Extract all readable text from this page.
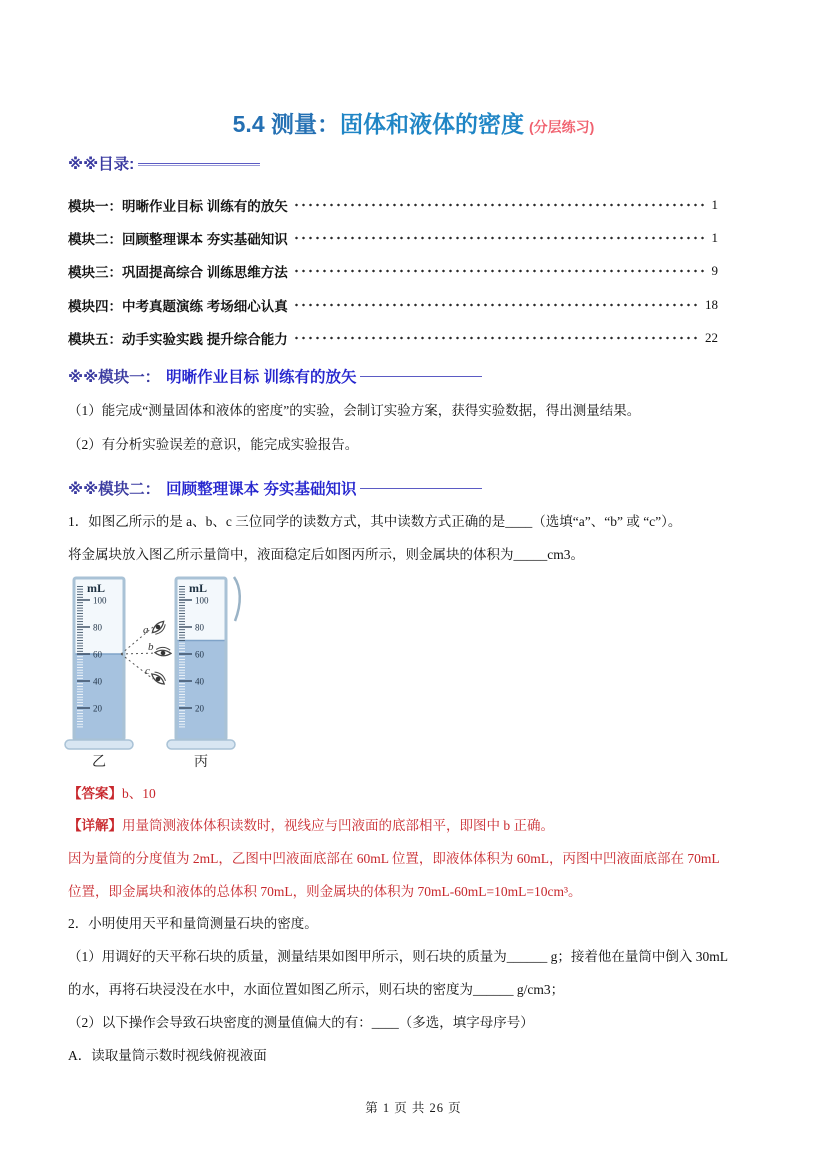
5.4 测量：固体和液体的密度 (分层练习)
※※目录:
模块一：明晰作业目标 训练有的放矢	1
模块二：回顾整理课本 夯实基础知识	1
模块三：巩固提高综合 训练思维方法	9
模块四：中考真题演练 考场细心认真	18
模块五：动手实验实践 提升综合能力	22
※※模块一： 明晰作业目标 训练有的放矢
（1）能完成“测量固体和液体的密度”的实验，会制订实验方案，获得实验数据，得出测量结果。
（2）有分析实验误差的意识，能完成实验报告。
※※模块二： 回顾整理课本 夯实基础知识
1．如图乙所示的是 a、b、c 三位同学的读数方式，其中读数方式正确的是____（选填“a”、“b” 或 “c”）。
将金属块放入图乙所示量筒中，液面稳定后如图丙所示，则金属块的体积为_____cm3。
100
80
60
40
20
mL
乙
100
80
60
40
20
mL
丙
a
b
c
【答案】b、10
【详解】用量筒测液体体积读数时，视线应与凹液面的底部相平，即图中 b 正确。
因为量筒的分度值为 2mL，乙图中凹液面底部在 60mL 位置，即液体体积为 60mL，丙图中凹液面底部在 70mL
位置，即金属块和液体的总体积 70mL，则金属块的体积为 70mL-60mL=10mL=10cm³。
2．小明使用天平和量筒测量石块的密度。
（1）用调好的天平称石块的质量，测量结果如图甲所示，则石块的质量为______ g；接着他在量筒中倒入 30mL
的水，再将石块浸没在水中，水面位置如图乙所示，则石块的密度为______ g/cm3；
（2）以下操作会导致石块密度的测量值偏大的有：____（多选，填字母序号）
A．读取量筒示数时视线俯视液面
第 1 页 共 26 页
